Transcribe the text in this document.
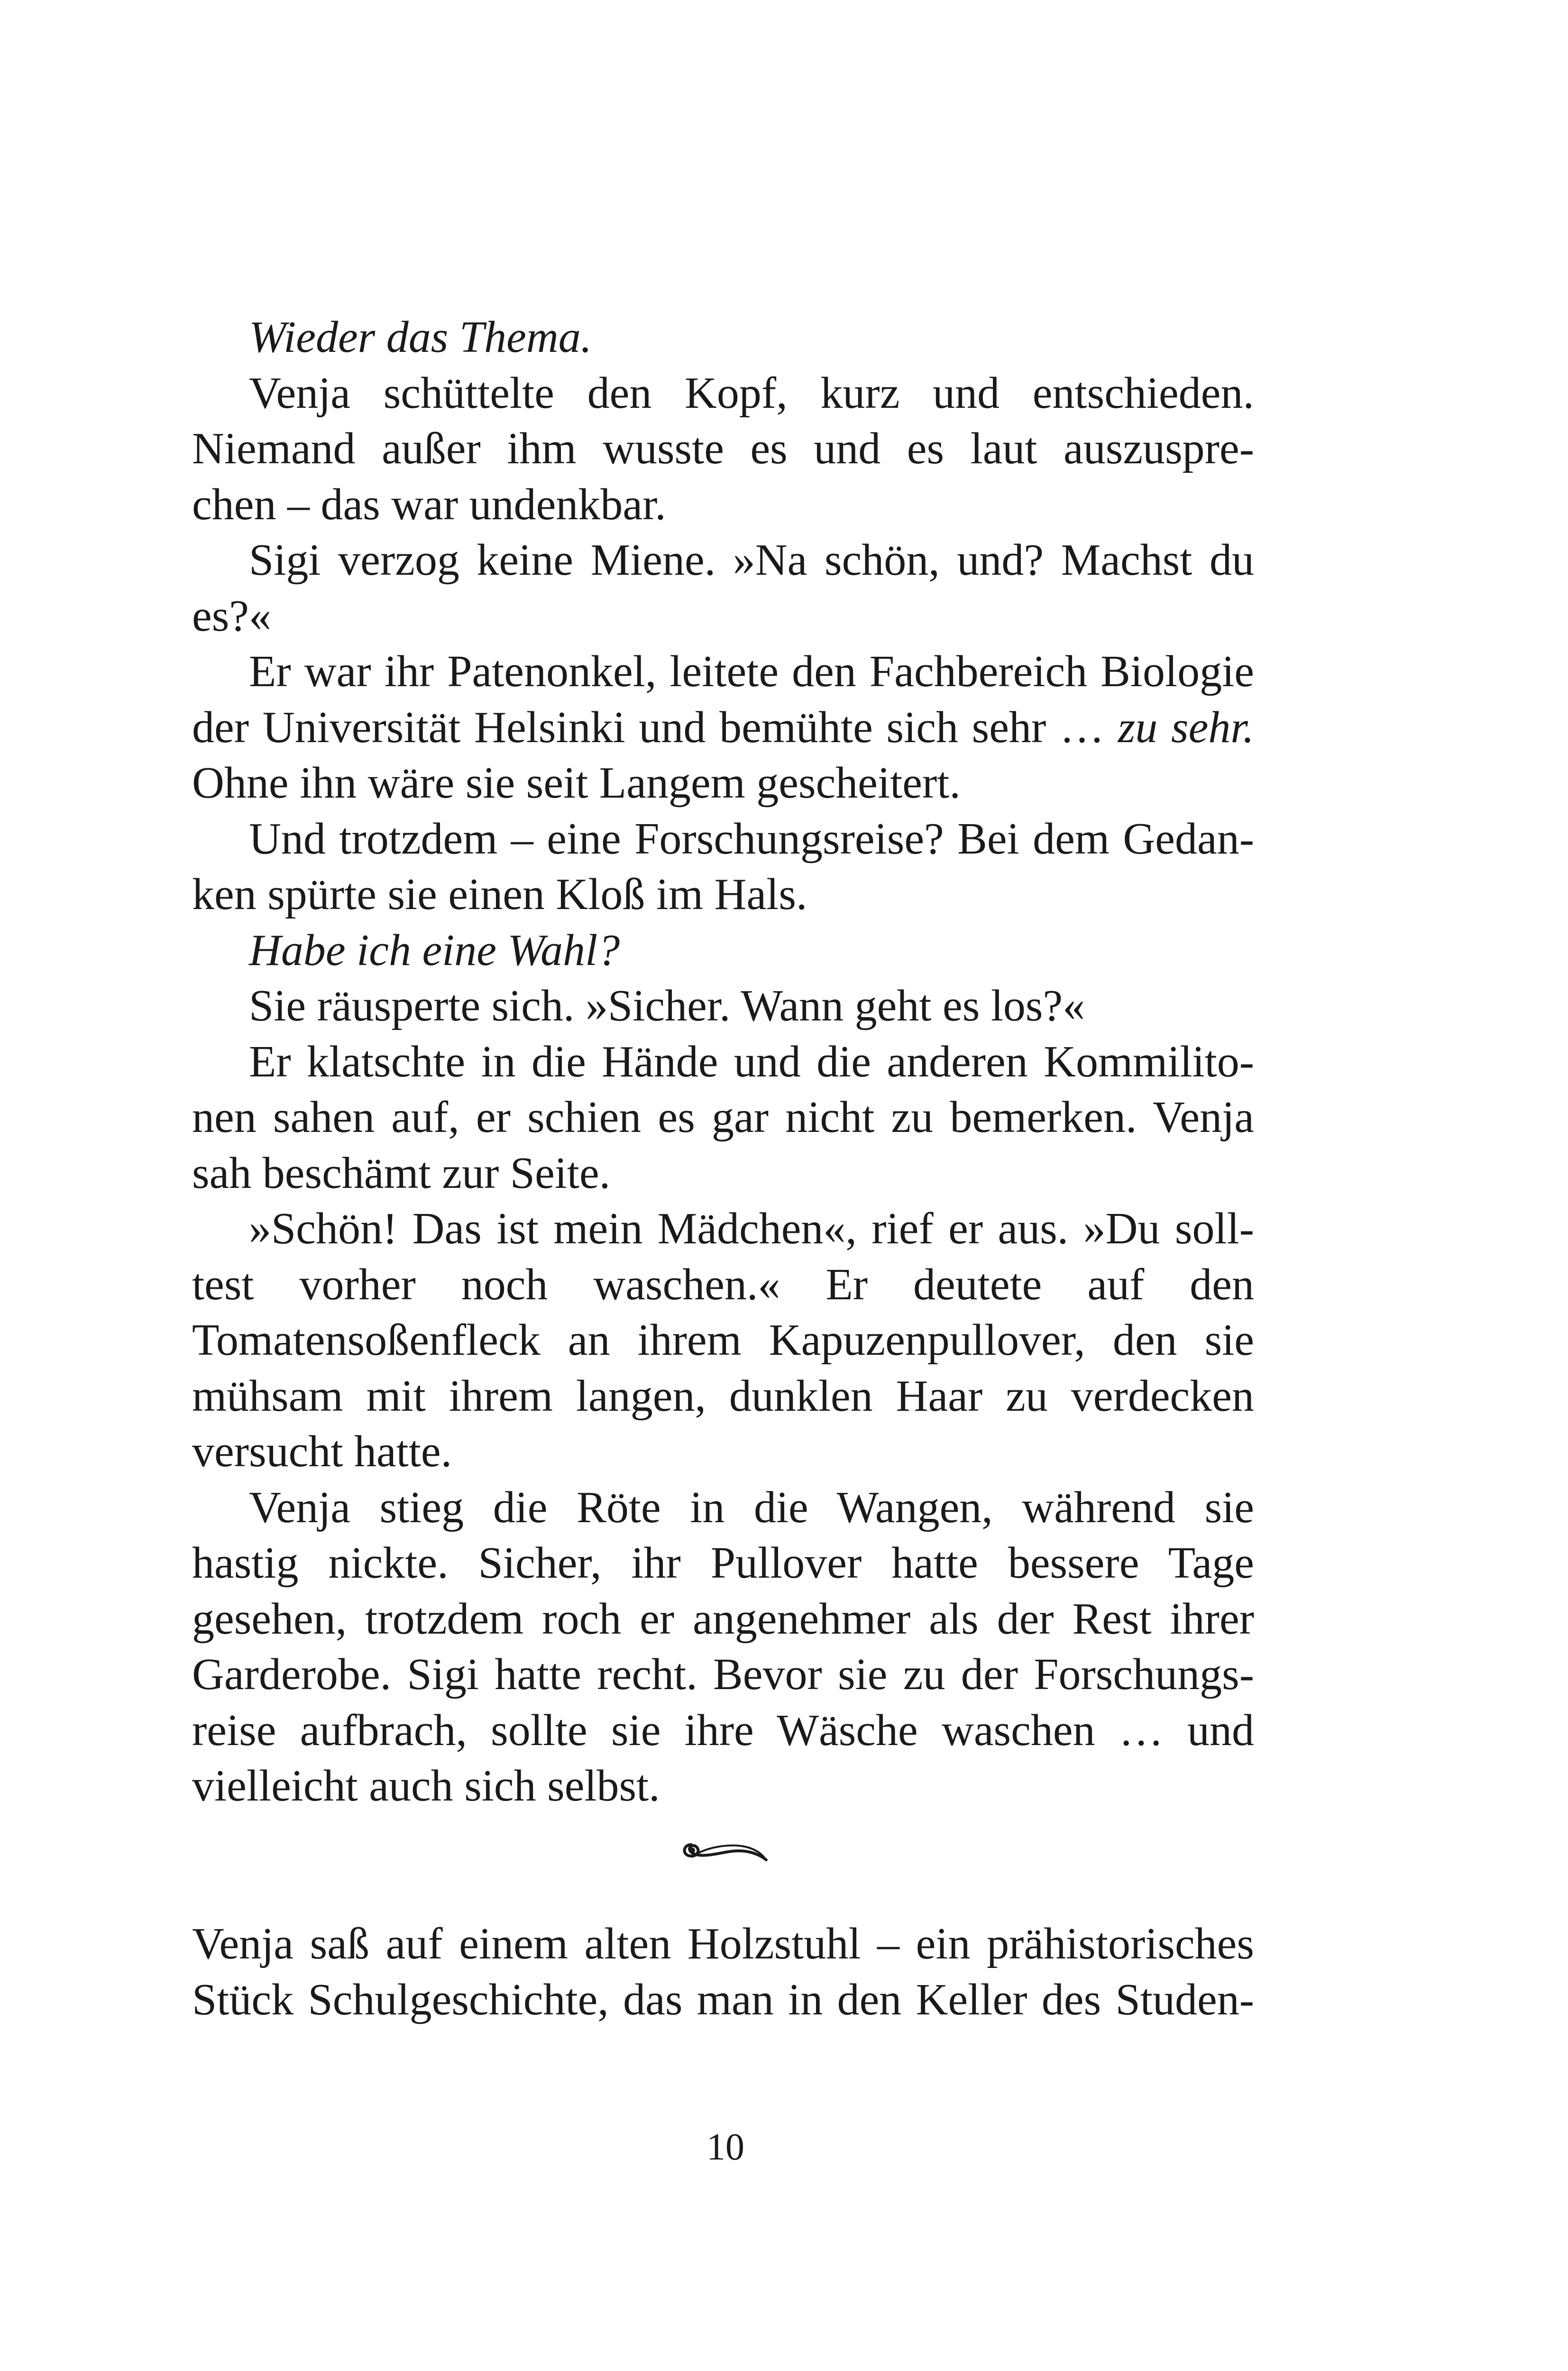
Wieder das Thema.
Venja schüttelte den Kopf, kurz und entschieden.
Niemand außer ihm wusste es und es laut auszuspre-
chen – das war undenkbar.
Sigi verzog keine Miene. »Na schön, und? Machst du
es?«
Er war ihr Patenonkel, leitete den Fachbereich Biologie
der Universität Helsinki und bemühte sich sehr … zu sehr.
Ohne ihn wäre sie seit Langem gescheitert.
Und trotzdem – eine Forschungsreise? Bei dem Gedan-
ken spürte sie einen Kloß im Hals.
Habe ich eine Wahl?
Sie räusperte sich. »Sicher. Wann geht es los?«
Er klatschte in die Hände und die anderen Kommilito-
nen sahen auf, er schien es gar nicht zu bemerken. Venja
sah beschämt zur Seite.
»Schön! Das ist mein Mädchen«, rief er aus. »Du soll-
test vorher noch waschen.« Er deutete auf den
Tomatensoßenfleck an ihrem Kapuzenpullover, den sie
mühsam mit ihrem langen, dunklen Haar zu verdecken
versucht hatte.
Venja stieg die Röte in die Wangen, während sie
hastig nickte. Sicher, ihr Pullover hatte bessere Tage
gesehen, trotzdem roch er angenehmer als der Rest ihrer
Garderobe. Sigi hatte recht. Bevor sie zu der Forschungs-
reise aufbrach, sollte sie ihre Wäsche waschen … und
vielleicht auch sich selbst.
Venja saß auf einem alten Holzstuhl – ein prähistorisches
Stück Schulgeschichte, das man in den Keller des Studen-
10
